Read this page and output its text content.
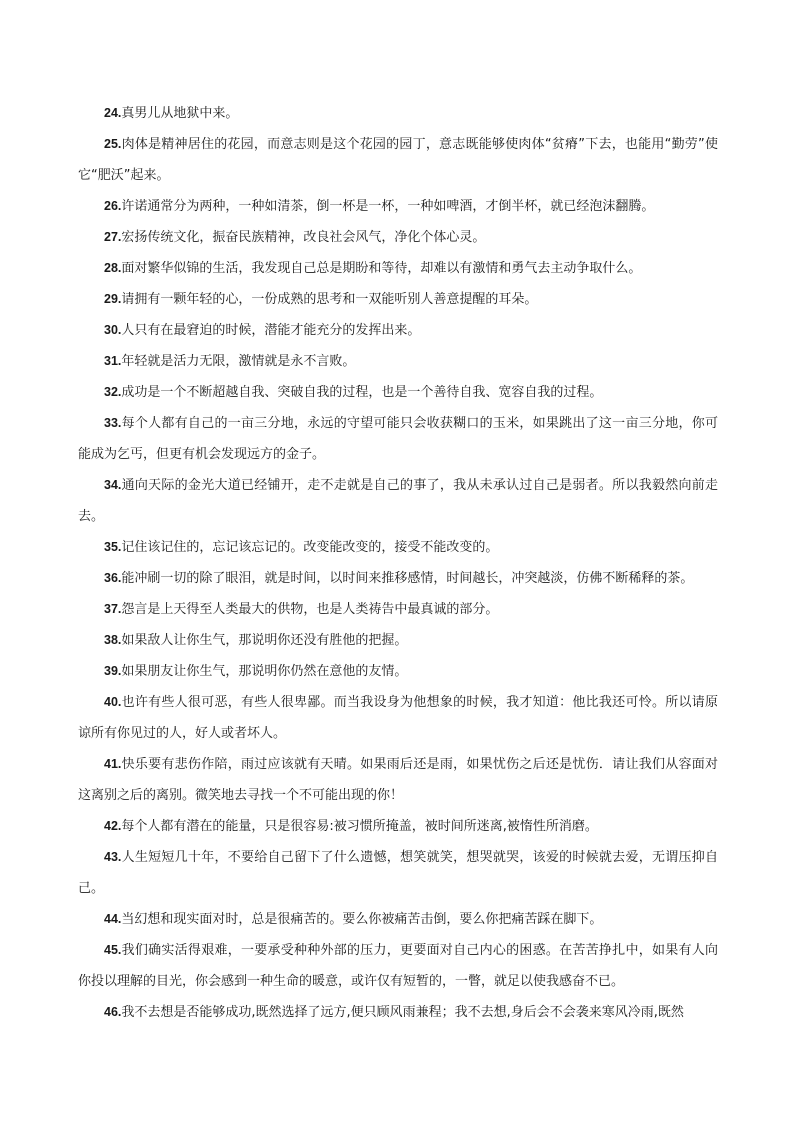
24.真男儿从地狱中来。

25.肉体是精神居住的花园，而意志则是这个花园的园丁，意志既能够使肉体“贫瘠”下去，也能用“勤劳”使它“肥沃”起来。

26.许诺通常分为两种，一种如清茶，倒一杯是一杯，一种如啤酒，才倒半杯，就已经泡沫翻腾。

27.宏扬传统文化，振奋民族精神，改良社会风气，净化个体心灵。

28.面对繁华似锦的生活，我发现自己总是期盼和等待，却难以有激情和勇气去主动争取什么。

29.请拥有一颗年轻的心，一份成熟的思考和一双能听别人善意提醒的耳朵。

30.人只有在最窘迫的时候，潜能才能充分的发挥出来。

31.年轻就是活力无限，激情就是永不言败。

32.成功是一个不断超越自我、突破自我的过程，也是一个善待自我、宽容自我的过程。

33.每个人都有自己的一亩三分地，永远的守望可能只会收获糊口的玉米，如果跳出了这一亩三分地，你可能成为乞丐，但更有机会发现远方的金子。

34.通向天际的金光大道已经铺开，走不走就是自己的事了，我从未承认过自己是弱者。所以我毅然向前走去。

35.记住该记住的，忘记该忘记的。改变能改变的，接受不能改变的。

36.能冲刷一切的除了眼泪，就是时间，以时间来推移感情，时间越长，冲突越淡，仿佛不断稀释的茶。

37.怨言是上天得至人类最大的供物，也是人类祷告中最真诚的部分。

38.如果敌人让你生气，那说明你还没有胜他的把握。

39.如果朋友让你生气，那说明你仍然在意他的友情。

40.也许有些人很可恶，有些人很卑鄙。而当我设身为他想象的时候，我才知道：他比我还可怜。所以请原谅所有你见过的人，好人或者坏人。

41.快乐要有悲伤作陪，雨过应该就有天晴。如果雨后还是雨，如果忧伤之后还是忧伤．请让我们从容面对这离别之后的离别。微笑地去寻找一个不可能出现的你！

42.每个人都有潜在的能量，只是很容易:被习惯所掩盖，被时间所迷离,被惰性所消磨。

43.人生短短几十年，不要给自己留下了什么遗憾，想笑就笑，想哭就哭，该爱的时候就去爱，无谓压抑自己。

44.当幻想和现实面对时，总是很痛苦的。要么你被痛苦击倒，要么你把痛苦踩在脚下。

45.我们确实活得艰难，一要承受种种外部的压力，更要面对自己内心的困惑。在苦苦挣扎中，如果有人向你投以理解的目光，你会感到一种生命的暖意，或许仅有短暂的，一瞥，就足以使我感奋不已。

46.我不去想是否能够成功,既然选择了远方,便只顾风雨兼程；我不去想,身后会不会袭来寒风冷雨,既然
